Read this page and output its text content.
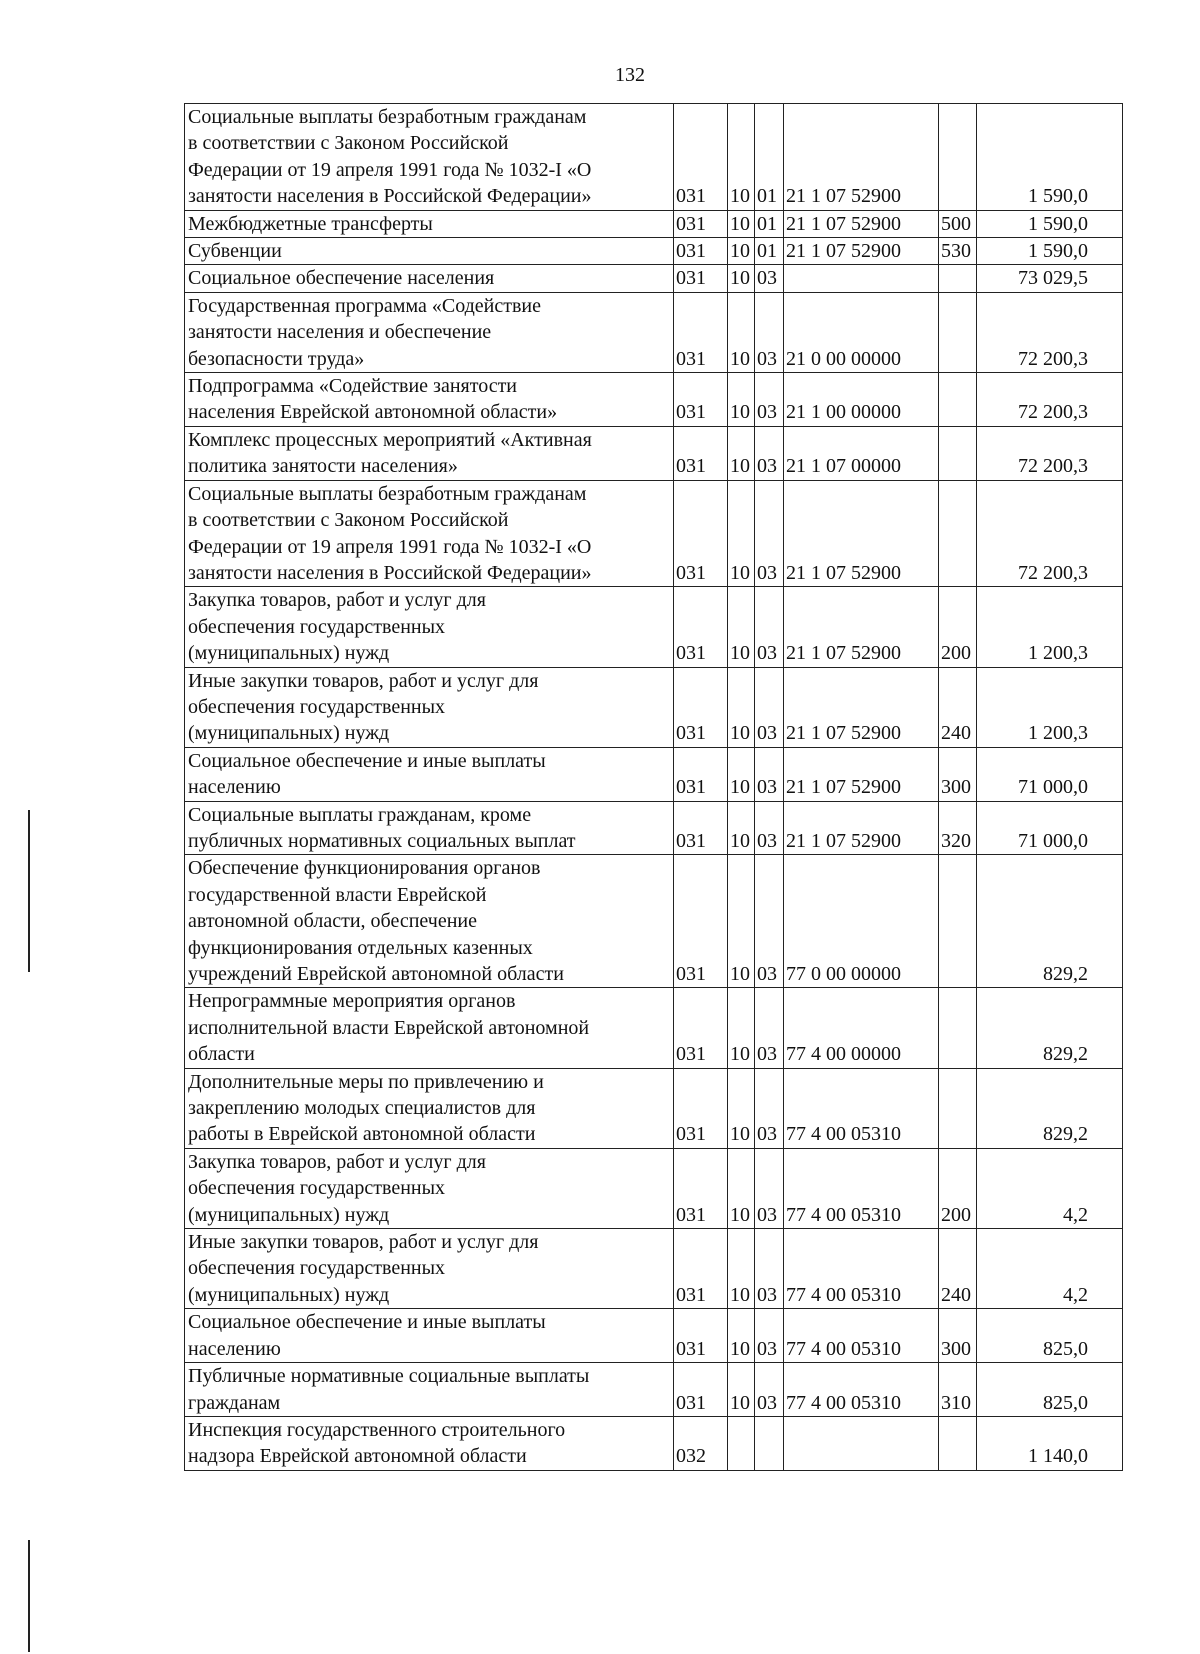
132
Социальные выплаты безработным гражданам
в соответствии с Законом Российской
Федерации от 19 апреля 1991 года № 1032-I «О
занятости населения в Российской Федерации»	031	10	01	21 1 07 52900		1 590,0

Межбюджетные трансферты	031	10	01	21 1 07 52900	500	1 590,0

Субвенции	031	10	01	21 1 07 52900	530	1 590,0

Социальное обеспечение населения	031	10	03			73 029,5

Государственная программа «Содействие
занятости населения и обеспечение
безопасности труда»	031	10	03	21 0 00 00000		72 200,3

Подпрограмма «Содействие занятости
населения Еврейской автономной области»	031	10	03	21 1 00 00000		72 200,3

Комплекс процессных мероприятий «Активная
политика занятости населения»	031	10	03	21 1 07 00000		72 200,3

Социальные выплаты безработным гражданам
в соответствии с Законом Российской
Федерации от 19 апреля 1991 года № 1032-I «О
занятости населения в Российской Федерации»	031	10	03	21 1 07 52900		72 200,3

Закупка товаров, работ и услуг для
обеспечения государственных
(муниципальных) нужд	031	10	03	21 1 07 52900	200	1 200,3

Иные закупки товаров, работ и услуг для
обеспечения государственных
(муниципальных) нужд	031	10	03	21 1 07 52900	240	1 200,3

Социальное обеспечение и иные выплаты
населению	031	10	03	21 1 07 52900	300	71 000,0

Социальные выплаты гражданам, кроме
публичных нормативных социальных выплат	031	10	03	21 1 07 52900	320	71 000,0

Обеспечение функционирования органов
государственной власти Еврейской
автономной области, обеспечение
функционирования отдельных казенных
учреждений Еврейской автономной области	031	10	03	77 0 00 00000		829,2

Непрограммные мероприятия органов
исполнительной власти Еврейской автономной
области	031	10	03	77 4 00 00000		829,2

Дополнительные меры по привлечению и
закреплению молодых специалистов для
работы в Еврейской автономной области	031	10	03	77 4 00 05310		829,2

Закупка товаров, работ и услуг для
обеспечения государственных
(муниципальных) нужд	031	10	03	77 4 00 05310	200	4,2

Иные закупки товаров, работ и услуг для
обеспечения государственных
(муниципальных) нужд	031	10	03	77 4 00 05310	240	4,2

Социальное обеспечение и иные выплаты
населению	031	10	03	77 4 00 05310	300	825,0

Публичные нормативные социальные выплаты
гражданам	031	10	03	77 4 00 05310	310	825,0

Инспекция государственного строительного
надзора Еврейской автономной области	032					1 140,0
